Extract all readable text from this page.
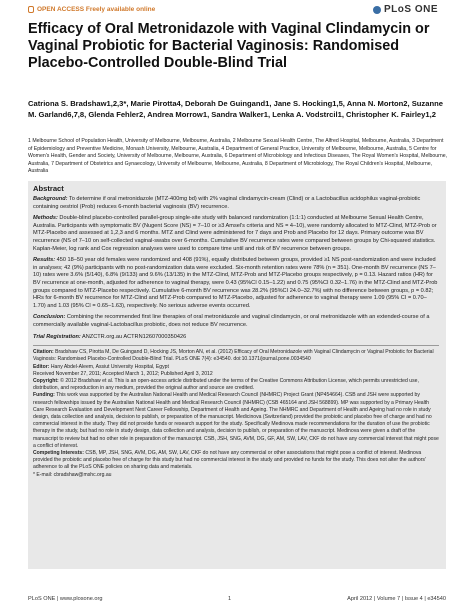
OPEN ACCESS Freely available online	PLoS ONE
Efficacy of Oral Metronidazole with Vaginal Clindamycin or Vaginal Probiotic for Bacterial Vaginosis: Randomised Placebo-Controlled Double-Blind Trial
Catriona S. Bradshaw1,2,3*, Marie Pirotta4, Deborah De Guingand1, Jane S. Hocking1,5, Anna N. Morton2, Suzanne M. Garland6,7,8, Glenda Fehler2, Andrea Morrow1, Sandra Walker1, Lenka A. Vodstrcil1, Christopher K. Fairley1,2
1 Melbourne School of Population Health, University of Melbourne, Melbourne, Australia, 2 Melbourne Sexual Health Centre, The Alfred Hospital, Melbourne, Australia, 3 Department of Epidemiology and Preventive Medicine, Monash University, Melbourne, Australia, 4 Department of General Practice, University of Melbourne, Melbourne, Australia, 5 Centre for Women's Health, Gender and Society, University of Melbourne, Melbourne, Australia, 6 Department of Microbiology and Infectious Diseases, The Royal Women's Hospital, Melbourne, Australia, 7 Department of Obstetrics and Gynaecology, University of Melbourne, Melbourne, Australia, 8 Department of Microbiology, The Royal Children's Hospital, Melbourne, Australia
Abstract
Background: To determine if oral metronidazole (MTZ-400mg bd) with 2% vaginal clindamycin-cream (Clind) or a Lactobacillus acidophilus vaginal-probiotic containing oestriol (Prob) reduces 6-month bacterial vaginosis (BV) recurrence.
Methods: Double-blind placebo-controlled parallel-group single-site study with balanced randomization (1:1:1) conducted at Melbourne Sexual Health Centre, Australia. Participants with symptomatic BV (Nugent Score (NS) = 7–10 or ≥3 Amsel's criteria and NS = 4–10), were randomly allocated to MTZ-Clind, MTZ-Prob or MTZ-Placebo and assessed at 1,2,3 and 6 months. MTZ and Clind were administered for 7 days and Prob and Placebo for 12 days. Primary outcome was BV recurrence (NS of 7–10 on self-collected vaginal-swabs over 6-months. Cumulative BV recurrence rates were compared between groups by Chi-squared statistics. Kaplan-Meier, log rank and Cox regression analyses were used to compare time until and risk of BV recurrence between groups.
Results: 450 18–50 year old females were randomized and 408 (91%), equally distributed between groups, provided ≥1 NS post-randomization and were included in analyses; 42 (9%) participants with no post-randomization data were excluded. Six-month retention rates were 78% (n = 351). One-month BV recurrence (NS 7–10) rates were 3.6% (5/140), 6.8% (9/133) and 9.6% (13/135) in the MTZ-Clind, MTZ-Prob and MTZ-Placebo groups respectively, p = 0.13. Hazard ratios (HR) for BV recurrence at one-month, adjusted for adherence to vaginal therapy, were 0.43 (95%CI 0.15–1.22) and 0.75 (95%CI 0.32–1.76) in the MTZ-Clind and MTZ-Prob groups compared to MTZ-Placebo respectively. Cumulative 6-month BV recurrence was 28.2% (95%CI 24.0–32.7%) with no difference between groups, p = 0.82; HRs for 6-month BV recurrence for MTZ-Clind and MTZ-Prob compared to MTZ-Placebo, adjusted for adherence to vaginal therapy were 1.09 (95% CI = 0.70–1.70) and 1.03 (95% CI = 0.65–1.63), respectively. No serious adverse events occurred.
Conclusion: Combining the recommended first line therapies of oral metronidazole and vaginal clindamycin, or oral metronidazole with an extended-course of a commercially available vaginal-Lactobacillus probiotic, does not reduce BV recurrence.
Trial Registration: ANZCTR.org.au ACTRN12607000350426
Citation: Bradshaw CS, Pirotta M, De Guingand D, Hocking JS, Morton AN, et al. (2012) Efficacy of Oral Metronidazole with Vaginal Clindamycin or Vaginal Probiotic for Bacterial Vaginosis: Randomised Placebo-Controlled Double-Blind Trial. PLoS ONE 7(4): e34540. doi:10.1371/journal.pone.0034540
Editor: Hany Abdel-Aleem, Assiut University Hospital, Egypt
Received November 27, 2011; Accepted March 1, 2012; Published April 3, 2012
Copyright: © 2012 Bradshaw et al. This is an open-access article distributed under the terms of the Creative Commons Attribution License, which permits unrestricted use, distribution, and reproduction in any medium, provided the original author and source are credited.
Funding: This work was supported by the Australian National Health and Medical Research Council (NHMRC) Project Grant (NP454664). CSB and JSH were supported by research fellowships issued by the Australian National Health and Medical Research Council (NHMRC) (CSB 465164 and JSH 568899). MP was supported by a Primary Health Care Research Evaluation and Development Next Career Fellowship, Department of Health and Ageing. The NHMRC and Department of Health and Ageing had no role in study design, data collection and analysis, decision to publish, or preparation of the manuscript. Medicinova (Switzerland) provided the probiotic and placebo free of charge and had no commercial interest in the study. They did not provide funds or research support for the study. Specifically Medinova made recommendations for the duration of use the probiotic therapy in the study, but had no role in study design, data collection and analysis, decision to publish, or preparation of the manuscript. Medinova were given a draft of the manuscript to review but had no other role in preparation of the manuscript. CSB, JSH, SNG, AVM, DG, GF, AM, SW, LAV, CKF do not have any commercial interest that might pose a conflict of interest.
Competing Interests: CSB, MP, JSH, SNG, AVM, DG, AM, SW, LAV, CKF do not have any commercial or other associations that might pose a conflict of interest. Medinova provided the probiotic and placebo free of charge for this study but had no commercial interest in the study and provided no funds for the study. This does not alter the authors' adherence to all the PLoS ONE policies on sharing data and materials.
* E-mail: cbradshaw@mshc.org.au
PLoS ONE | www.plosone.org	1	April 2012 | Volume 7 | Issue 4 | e34540
